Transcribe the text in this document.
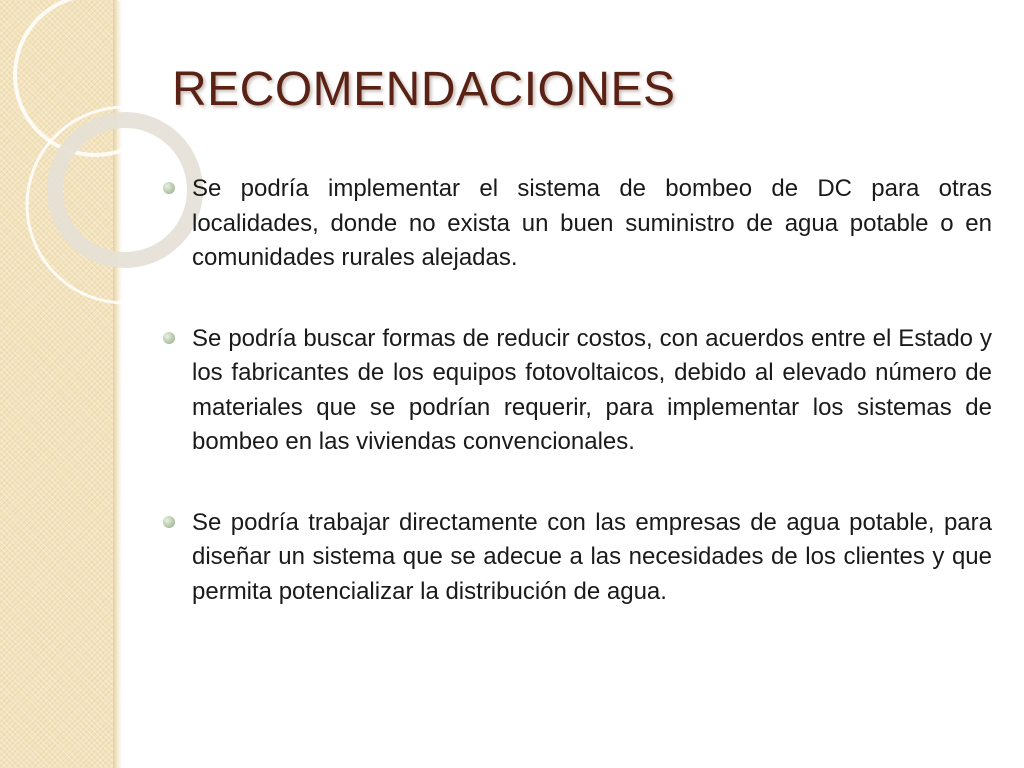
RECOMENDACIONES
Se podría implementar el sistema de bombeo de DC para otras localidades, donde no exista un buen suministro de agua potable o en comunidades rurales alejadas.
Se podría buscar formas de reducir costos, con acuerdos entre el Estado y los fabricantes de los equipos fotovoltaicos, debido al elevado número de materiales que se podrían requerir, para implementar los sistemas de bombeo en las viviendas convencionales.
Se podría trabajar directamente con las empresas de agua potable, para diseñar un sistema que se adecue a las necesidades de los clientes y que permita potencializar la distribución de agua.
